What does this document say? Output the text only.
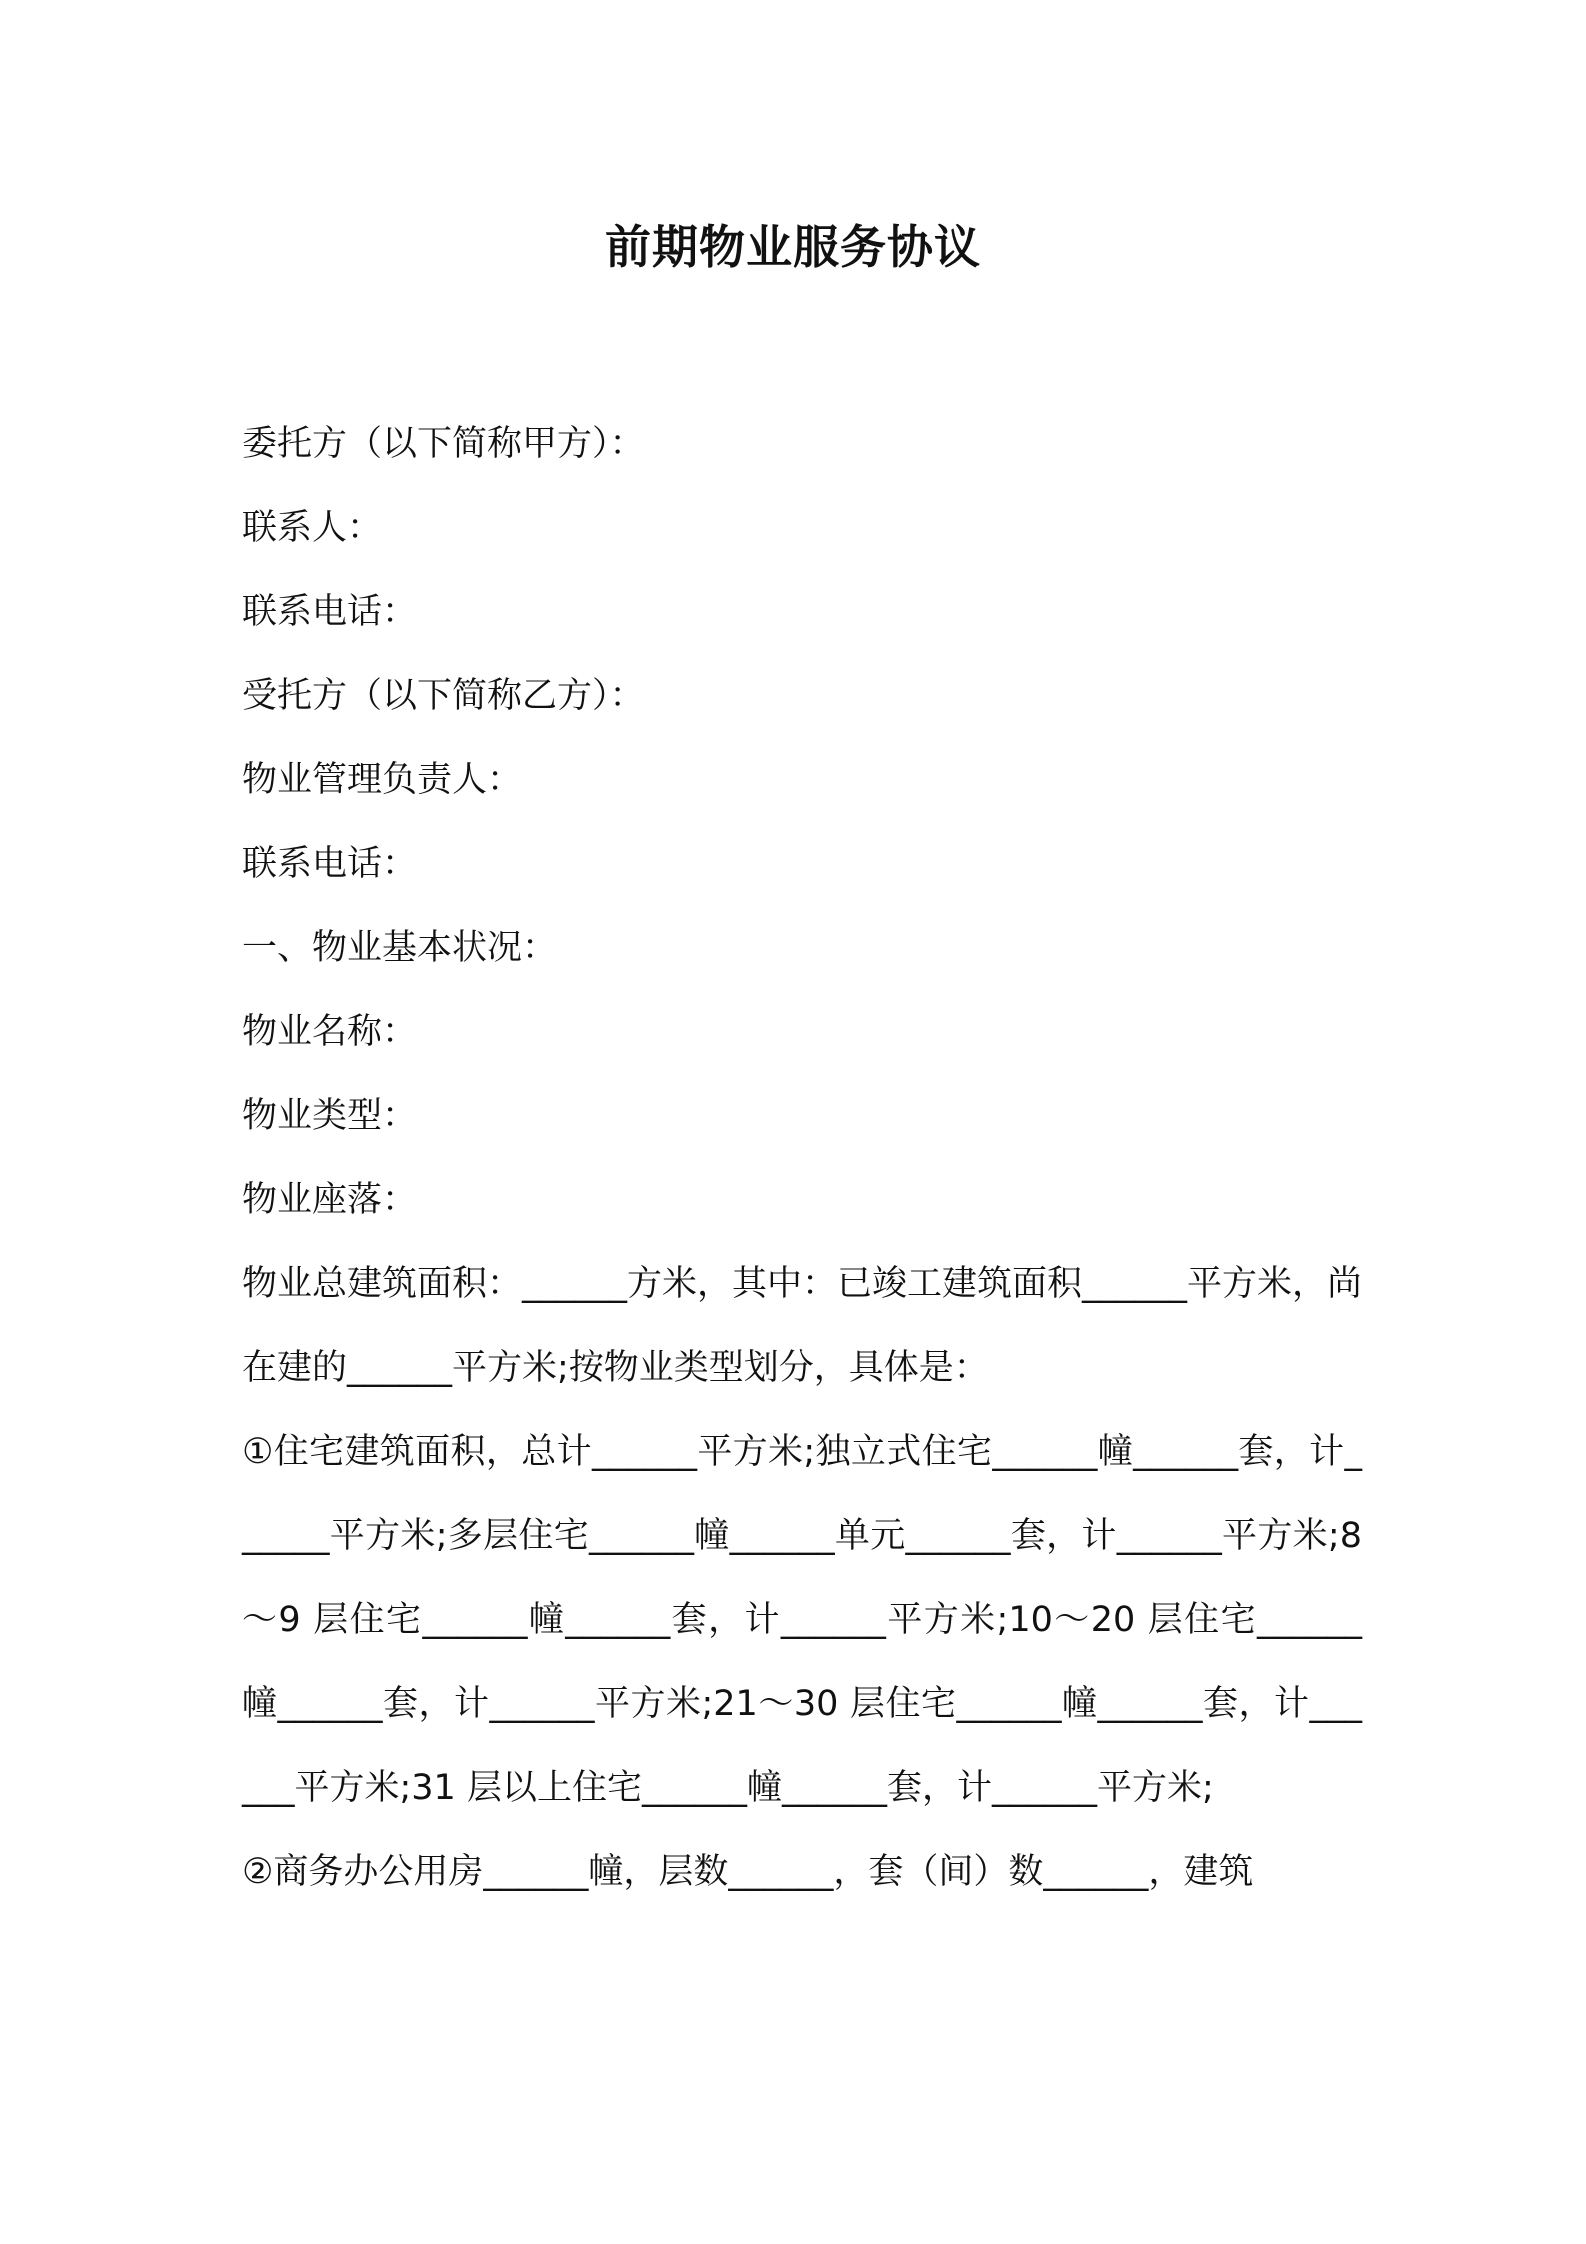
前期物业服务协议
委托方（以下简称甲方）：
联系人：
联系电话：
受托方（以下简称乙方）：
物业管理负责人：
联系电话：
一、物业基本状况：
物业名称：
物业类型：
物业座落：
物业总建筑面积：______方米，其中：已竣工建筑面积______平方米，尚在建的______平方米;按物业类型划分，具体是：
①住宅建筑面积，总计______平方米;独立式住宅______幢______套，计______平方米;多层住宅______幢______单元______套，计______平方米;8～9 层住宅______幢______套，计______平方米;10～20 层住宅______幢______套，计______平方米;21～30 层住宅______幢______套，计______平方米;31 层以上住宅______幢______套，计______平方米;
②商务办公用房______幢，层数______，套（间）数______，建筑
